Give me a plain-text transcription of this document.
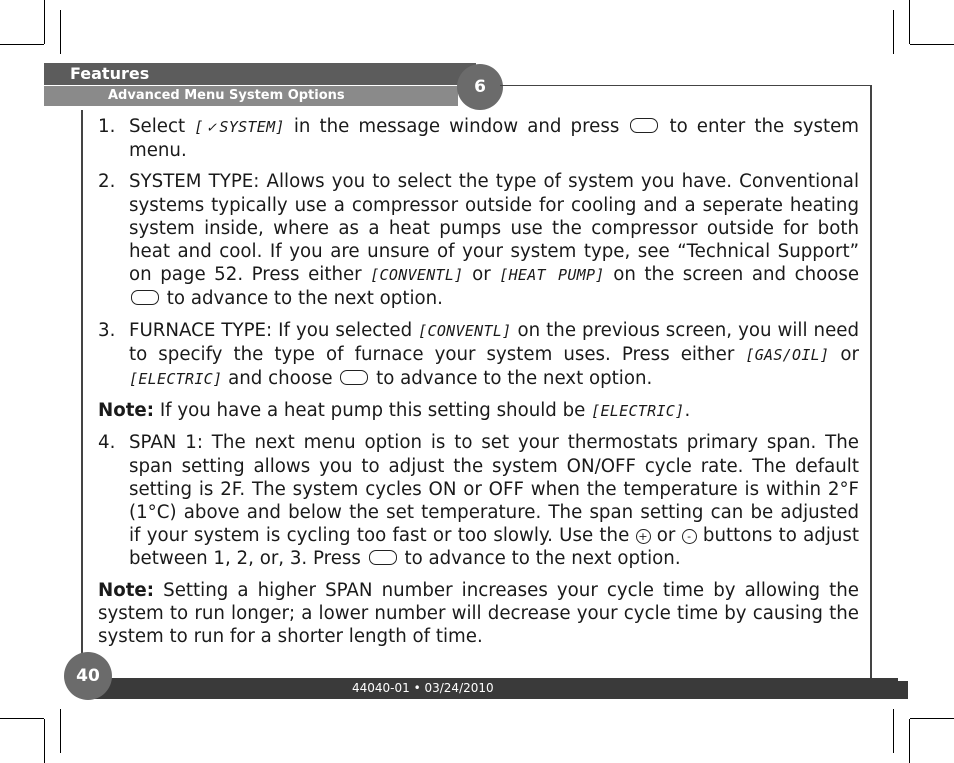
Features
Advanced Menu System Options	6
1. Select [✓SYSTEM] in the message window and press  to enter the system menu.
2. SYSTEM TYPE: Allows you to select the type of system you have. Conventional systems typically use a compressor outside for cooling and a seperate heating system inside, where as a heat pumps use the compressor outside for both heat and cool. If you are unsure of your system type, see “Technical Support” on page 52. Press either [CONVENTL] or [HEAT PUMP] on the screen and choose  to advance to the next option.
3. FURNACE TYPE: If you selected [CONVENTL] on the previous screen, you will need to specify the type of furnace your system uses. Press either [GAS/OIL] or [ELECTRIC] and choose  to advance to the next option.
Note: If you have a heat pump this setting should be [ELECTRIC].
4. SPAN 1: The next menu option is to set your thermostats primary span. The span setting allows you to adjust the system ON/OFF cycle rate. The default setting is 2F. The system cycles ON or OFF when the temperature is within 2°F (1°C) above and below the set temperature. The span setting can be adjusted if your system is cycling too fast or too slowly. Use the + or - buttons to adjust between 1, 2, or, 3. Press  to advance to the next option.
Note: Setting a higher SPAN number increases your cycle time by allowing the system to run longer; a lower number will decrease your cycle time by causing the system to run for a shorter length of time.
44040-01 • 03/24/2010
40
